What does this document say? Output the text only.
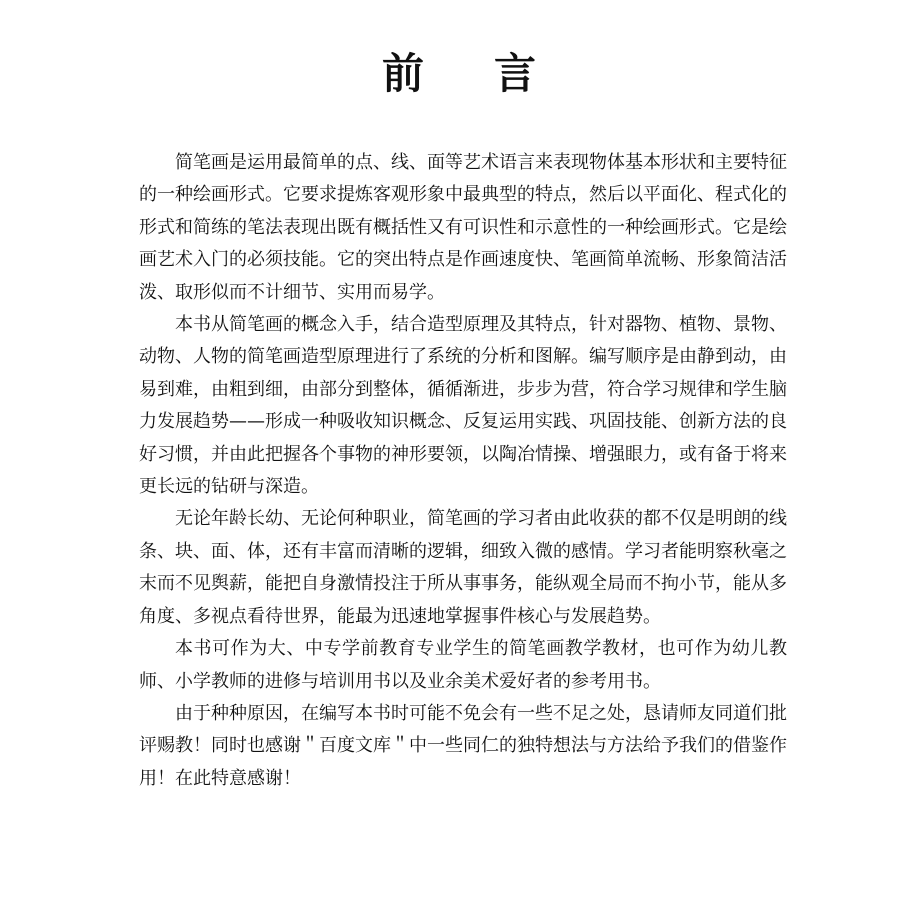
前 言

简笔画是运用最简单的点、线、面等艺术语言来表现物体基本形状和主要特征的一种绘画形式。它要求提炼客观形象中最典型的特点，然后以平面化、程式化的形式和简练的笔法表现出既有概括性又有可识性和示意性的一种绘画形式。它是绘画艺术入门的必须技能。它的突出特点是作画速度快、笔画简单流畅、形象简洁活泼、取形似而不计细节、实用而易学。

本书从简笔画的概念入手，结合造型原理及其特点，针对器物、植物、景物、动物、人物的简笔画造型原理进行了系统的分析和图解。编写顺序是由静到动，由易到难，由粗到细，由部分到整体，循循渐进，步步为营，符合学习规律和学生脑力发展趋势——形成一种吸收知识概念、反复运用实践、巩固技能、创新方法的良好习惯，并由此把握各个事物的神形要领，以陶冶情操、增强眼力，或有备于将来更长远的钻研与深造。

无论年龄长幼、无论何种职业，简笔画的学习者由此收获的都不仅是明朗的线条、块、面、体，还有丰富而清晰的逻辑，细致入微的感情。学习者能明察秋毫之末而不见舆薪，能把自身激情投注于所从事事务，能纵观全局而不拘小节，能从多角度、多视点看待世界，能最为迅速地掌握事件核心与发展趋势。

本书可作为大、中专学前教育专业学生的简笔画教学教材，也可作为幼儿教师、小学教师的进修与培训用书以及业余美术爱好者的参考用书。

由于种种原因，在编写本书时可能不免会有一些不足之处，恳请师友同道们批评赐教！同时也感谢＂百度文库＂中一些同仁的独特想法与方法给予我们的借鉴作用！在此特意感谢！
